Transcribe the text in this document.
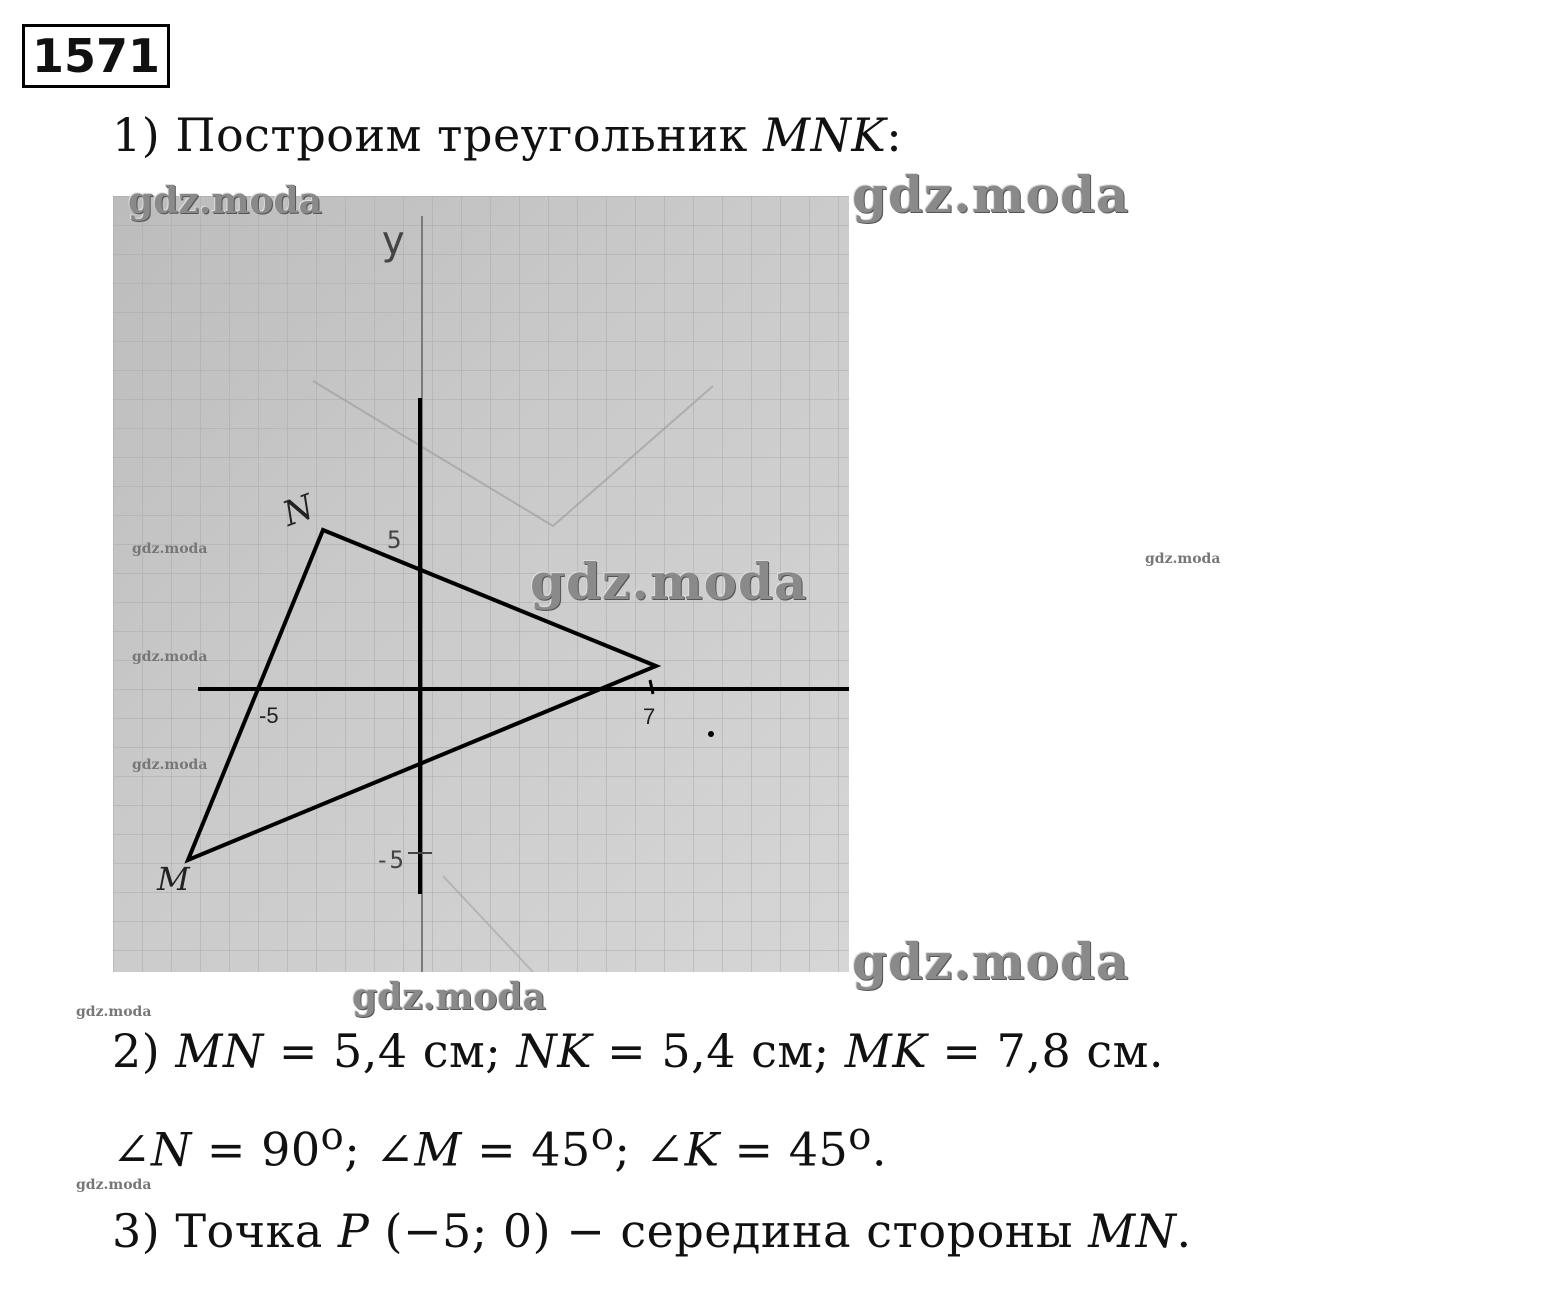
1571
1) Построим треугольник MNK:
y
-5	7
5
-5
N
M
gdz.moda	gdz.moda
gdz.moda
gdz.moda
gdz.moda
gdz.moda
gdz.moda
gdz.moda
gdz.moda
gdz.moda
gdz.moda
2) MN = 5,4 см; NK = 5,4 см; MK = 7,8 см.
∠N = $90^o$; ∠M = $45^o$; ∠K = $45^o$.
3) Точка P (−5; 0) − середина стороны MN.
